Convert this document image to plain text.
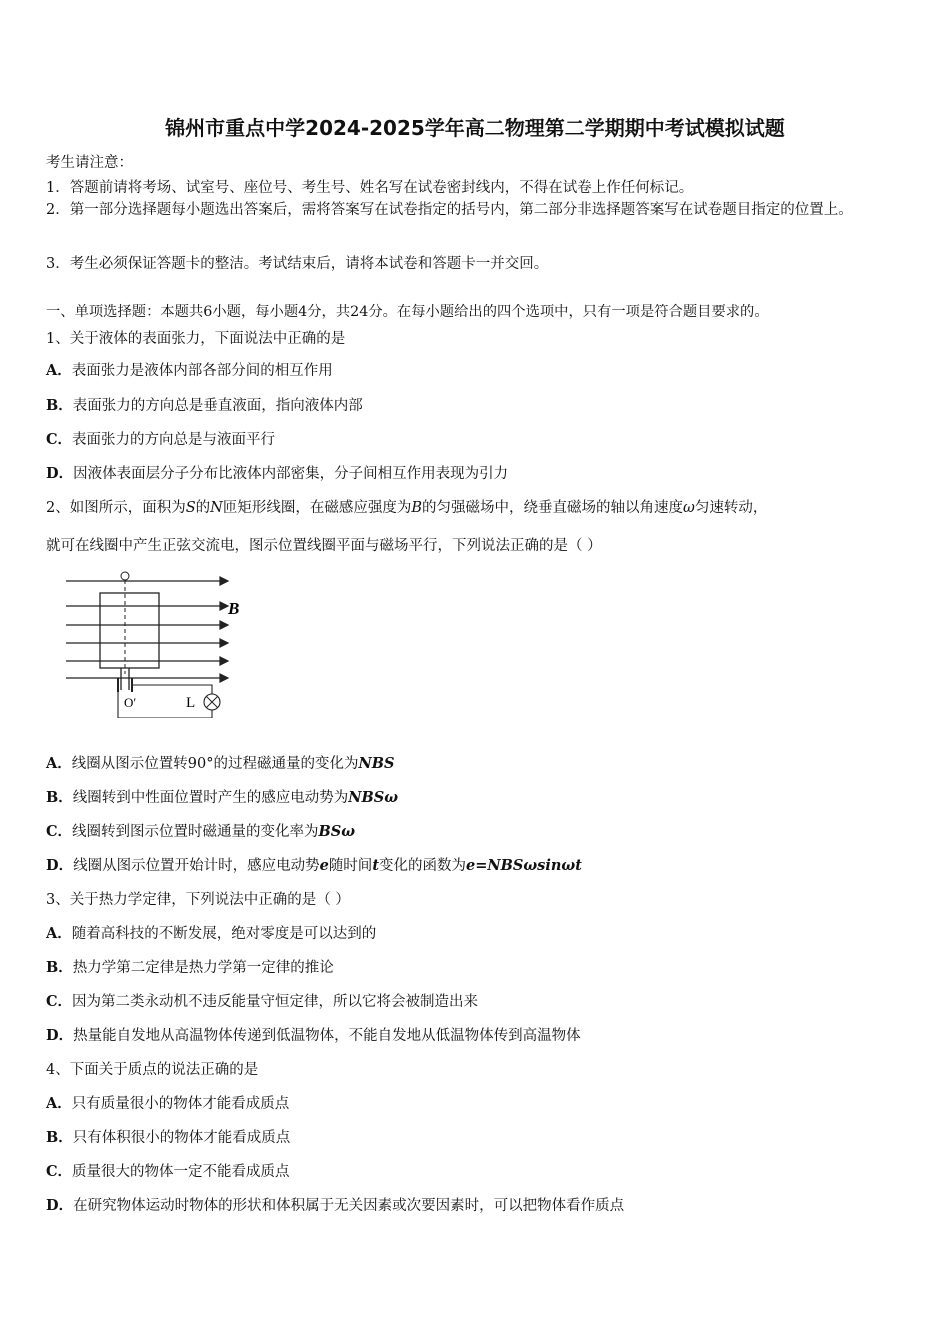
锦州市重点中学2024-2025学年高二物理第二学期期中考试模拟试题
考生请注意：
1．答题前请将考场、试室号、座位号、考生号、姓名写在试卷密封线内，不得在试卷上作任何标记。
2．第一部分选择题每小题选出答案后，需将答案写在试卷指定的括号内，第二部分非选择题答案写在试卷题目指定的位置上。
3．考生必须保证答题卡的整洁。考试结束后，请将本试卷和答题卡一并交回。
一、单项选择题：本题共6小题，每小题4分，共24分。在每小题给出的四个选项中，只有一项是符合题目要求的。
1、关于液体的表面张力，下面说法中正确的是
A．表面张力是液体内部各部分间的相互作用
B．表面张力的方向总是垂直液面，指向液体内部
C．表面张力的方向总是与液面平行
D．因液体表面层分子分布比液体内部密集，分子间相互作用表现为引力
2、如图所示，面积为S的N匝矩形线圈，在磁感应强度为B的匀强磁场中，绕垂直磁场的轴以角速度ω匀速转动，
就可在线圈中产生正弦交流电，图示位置线圈平面与磁场平行，下列说法正确的是（ ）
B
O′	L
A．线圈从图示位置转90°的过程磁通量的变化为NBS
B．线圈转到中性面位置时产生的感应电动势为NBSω
C．线圈转到图示位置时磁通量的变化率为BSω
D．线圈从图示位置开始计时，感应电动势e随时间t变化的函数为e=NBSωsinωt
3、关于热力学定律，下列说法中正确的是（ ）
A．随着高科技的不断发展，绝对零度是可以达到的
B．热力学第二定律是热力学第一定律的推论
C．因为第二类永动机不违反能量守恒定律，所以它将会被制造出来
D．热量能自发地从高温物体传递到低温物体，不能自发地从低温物体传到高温物体
4、下面关于质点的说法正确的是
A．只有质量很小的物体才能看成质点
B．只有体积很小的物体才能看成质点
C．质量很大的物体一定不能看成质点
D．在研究物体运动时物体的形状和体积属于无关因素或次要因素时，可以把物体看作质点
